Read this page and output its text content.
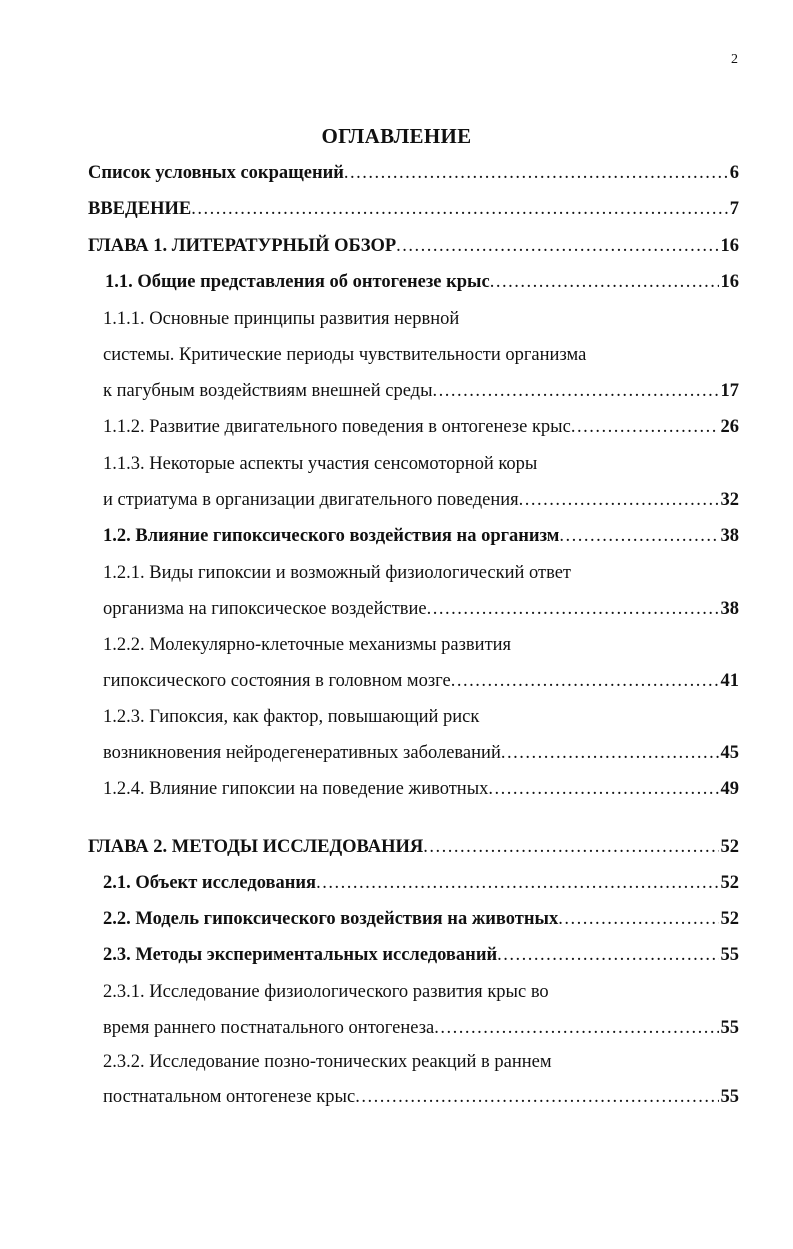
2
ОГЛАВЛЕНИЕ
Список условных сокращений .....	6
ВВЕДЕНИЕ .....	7
ГЛАВА 1. ЛИТЕРАТУРНЫЙ ОБЗОР .....	16
1.1. Общие представления об онтогенезе крыс .....	16
1.1.1. Основные принципы развития нервной
системы. Критические периоды чувствительности организма
к пагубным воздействиям внешней среды .....	17
1.1.2. Развитие двигательного поведения в онтогенезе крыс .....	26
1.1.3. Некоторые аспекты участия сенсомоторной коры
и стриатума в организации двигательного поведения .....	32
1.2. Влияние гипоксического воздействия на организм .....	38
1.2.1. Виды гипоксии и возможный физиологический ответ
организма на гипоксическое воздействие .....	38
1.2.2. Молекулярно-клеточные механизмы развития
гипоксического состояния в головном мозге .....	41
1.2.3. Гипоксия, как фактор, повышающий риск
возникновения нейродегенеративных заболеваний .....	45
1.2.4. Влияние гипоксии на поведение животных .....	49
ГЛАВА 2. МЕТОДЫ ИССЛЕДОВАНИЯ .....	52
2.1. Объект исследования .....	52
2.2. Модель гипоксического воздействия на животных .....	52
2.3. Методы экспериментальных исследований .....	55
2.3.1. Исследование физиологического развития крыс во
время раннего постнатального онтогенеза .....	55
2.3.2. Исследование позно-тонических реакций в раннем
постнатальном онтогенезе крыс .....	55
